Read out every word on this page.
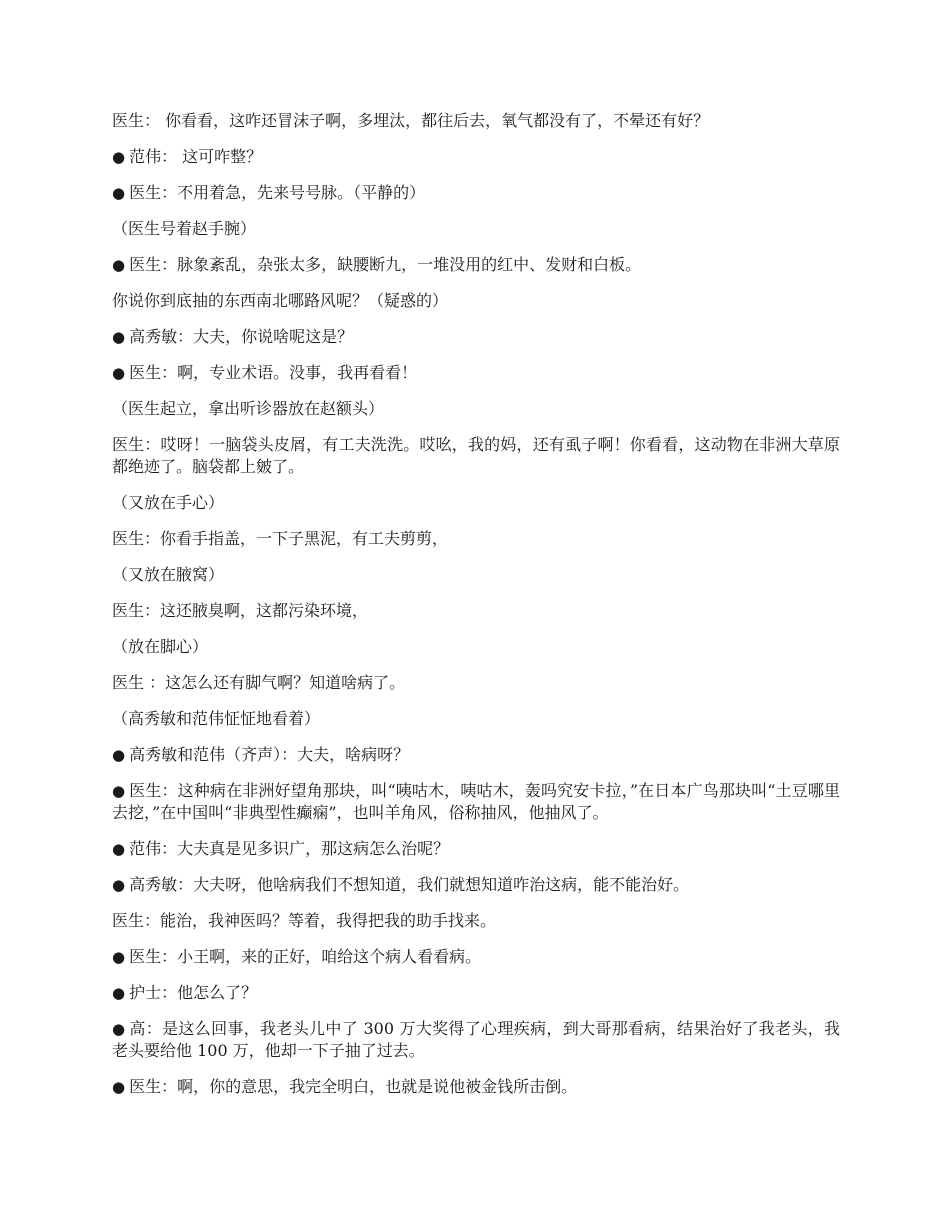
医生： 你看看，这咋还冒沫子啊，多埋汰，都往后去，氧气都没有了，不晕还有好？

● 范伟： 这可咋整？

● 医生：不用着急，先来号号脉。（平静的）

（医生号着赵手腕）

● 医生：脉象紊乱，杂张太多，缺腰断九，一堆没用的红中、发财和白板。

你说你到底抽的东西南北哪路风呢？（疑惑的）

● 高秀敏：大夫，你说啥呢这是？

● 医生：啊，专业术语。没事，我再看看！

（医生起立，拿出听诊器放在赵额头）

医生：哎呀！一脑袋头皮屑，有工夫洗洗。哎吆，我的妈，还有虱子啊！你看看，这动物在非洲大草原都绝迹了。脑袋都上皴了。

（又放在手心）

医生：你看手指盖，一下子黑泥，有工夫剪剪，

（又放在腋窝）

医生：这还腋臭啊，这都污染环境，

（放在脚心）

医生 ：这怎么还有脚气啊？知道啥病了。

（高秀敏和范伟怔怔地看着）

● 高秀敏和范伟（齐声）：大夫，啥病呀？

● 医生：这种病在非洲好望角那块，叫“咦咕木，咦咕木，轰吗究安卡拉，”在日本广鸟那块叫“土豆哪里去挖，”在中国叫“非典型性癫痫”，也叫羊角风，俗称抽风，他抽风了。

● 范伟：大夫真是见多识广，那这病怎么治呢？

● 高秀敏：大夫呀，他啥病我们不想知道，我们就想知道咋治这病，能不能治好。

医生：能治，我神医吗？等着，我得把我的助手找来。

● 医生：小王啊，来的正好，咱给这个病人看看病。

● 护士：他怎么了？

● 高：是这么回事，我老头儿中了 300 万大奖得了心理疾病，到大哥那看病，结果治好了我老头，我老头要给他 100 万，他却一下子抽了过去。

● 医生：啊，你的意思，我完全明白，也就是说他被金钱所击倒。
